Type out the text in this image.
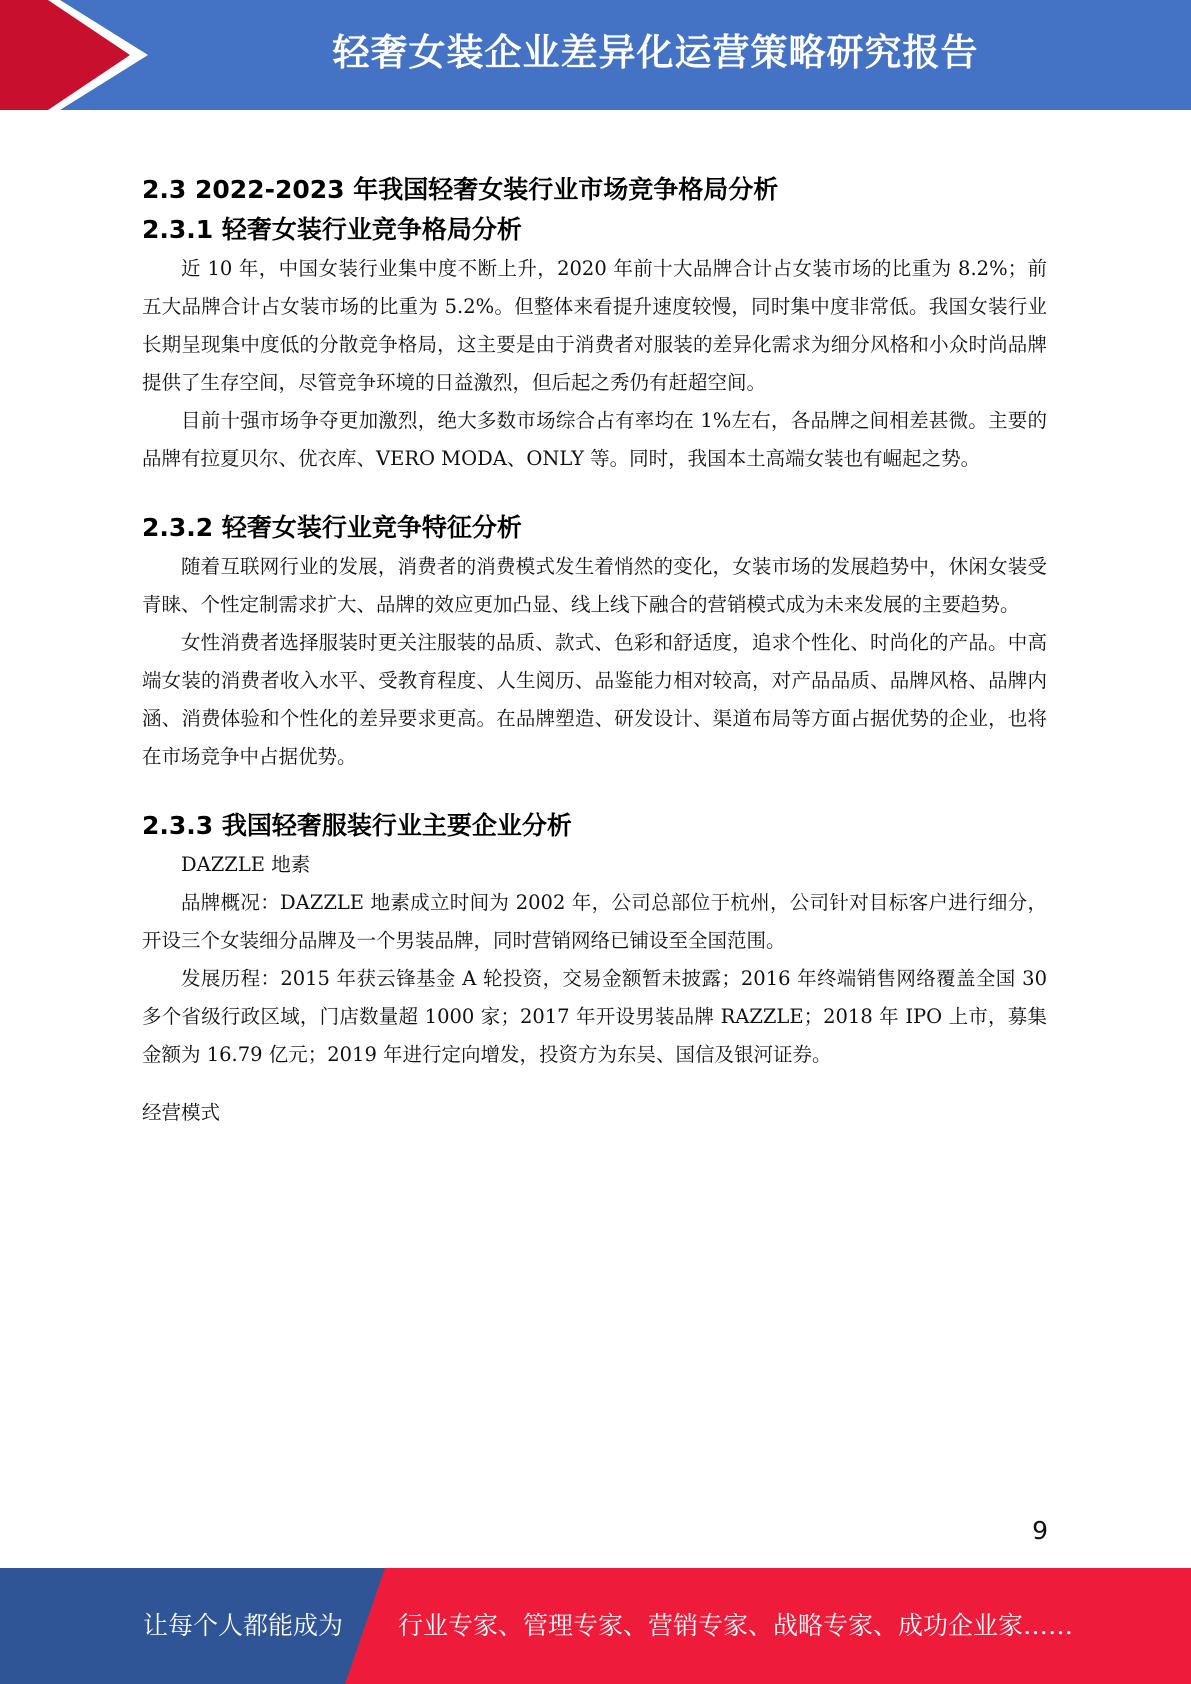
轻奢女装企业差异化运营策略研究报告
2.3 2022-2023 年我国轻奢女装行业市场竞争格局分析
2.3.1 轻奢女装行业竞争格局分析

近 10 年，中国女装行业集中度不断上升，2020 年前十大品牌合计占女装市场的比重为 8.2%；前五大品牌合计占女装市场的比重为 5.2%。但整体来看提升速度较慢，同时集中度非常低。我国女装行业长期呈现集中度低的分散竞争格局，这主要是由于消费者对服装的差异化需求为细分风格和小众时尚品牌提供了生存空间，尽管竞争环境的日益激烈，但后起之秀仍有赶超空间。

目前十强市场争夺更加激烈，绝大多数市场综合占有率均在 1%左右，各品牌之间相差甚微。主要的品牌有拉夏贝尔、优衣库、VERO MODA、ONLY 等。同时，我国本土高端女装也有崛起之势。

2.3.2 轻奢女装行业竞争特征分析

随着互联网行业的发展，消费者的消费模式发生着悄然的变化，女装市场的发展趋势中，休闲女装受青睐、个性定制需求扩大、品牌的效应更加凸显、线上线下融合的营销模式成为未来发展的主要趋势。

女性消费者选择服装时更关注服装的品质、款式、色彩和舒适度，追求个性化、时尚化的产品。中高端女装的消费者收入水平、受教育程度、人生阅历、品鉴能力相对较高，对产品品质、品牌风格、品牌内涵、消费体验和个性化的差异要求更高。在品牌塑造、研发设计、渠道布局等方面占据优势的企业，也将在市场竞争中占据优势。

2.3.3 我国轻奢服装行业主要企业分析

DAZZLE 地素

品牌概况：DAZZLE 地素成立时间为 2002 年，公司总部位于杭州，公司针对目标客户进行细分，开设三个女装细分品牌及一个男装品牌，同时营销网络已铺设至全国范围。

发展历程：2015 年获云锋基金 A 轮投资，交易金额暂未披露；2016 年终端销售网络覆盖全国 30 多个省级行政区域，门店数量超 1000 家；2017 年开设男装品牌 RAZZLE；2018 年 IPO 上市，募集金额为 16.79 亿元；2019 年进行定向增发，投资方为东吴、国信及银河证券。

经营模式

9
让每个人都能成为 行业专家、管理专家、营销专家、战略专家、成功企业家……
